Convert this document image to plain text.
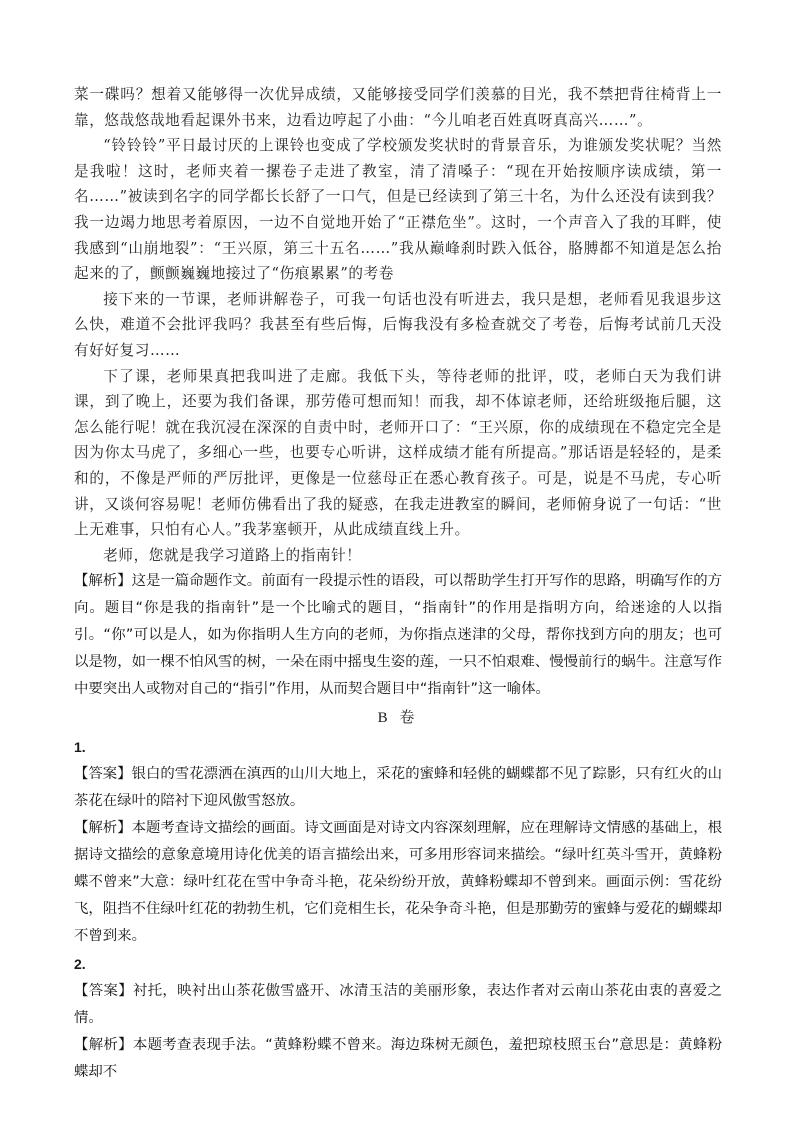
菜一碟吗？想着又能够得一次优异成绩，又能够接受同学们羡慕的目光，我不禁把背往椅背上一靠，悠哉悠哉地看起课外书来，边看边哼起了小曲：“今儿咱老百姓真呀真高兴……”。

“铃铃铃”平日最讨厌的上课铃也变成了学校颁发奖状时的背景音乐，为谁颁发奖状呢？当然是我啦！这时，老师夹着一摞卷子走进了教室，清了清嗓子：“现在开始按顺序读成绩，第一名……”被读到名字的同学都长长舒了一口气，但是已经读到了第三十名，为什么还没有读到我？我一边竭力地思考着原因，一边不自觉地开始了“正襟危坐”。这时，一个声音入了我的耳畔，使我感到“山崩地裂”：“王兴原，第三十五名……”我从巅峰刹时跌入低谷，胳膊都不知道是怎么抬起来的了，颤颤巍巍地接过了“伤痕累累”的考卷

接下来的一节课，老师讲解卷子，可我一句话也没有听进去，我只是想，老师看见我退步这么快，难道不会批评我吗？我甚至有些后悔，后悔我没有多检查就交了考卷，后悔考试前几天没有好好复习……

下了课，老师果真把我叫进了走廊。我低下头，等待老师的批评，哎，老师白天为我们讲课，到了晚上，还要为我们备课，那劳倦可想而知！而我，却不体谅老师，还给班级拖后腿，这怎么能行呢！就在我沉浸在深深的自责中时，老师开口了：“王兴原，你的成绩现在不稳定完全是因为你太马虎了，多细心一些，也要专心听讲，这样成绩才能有所提高。”那话语是轻轻的，是柔和的，不像是严师的严厉批评，更像是一位慈母正在悉心教育孩子。可是，说是不马虎，专心听讲，又谈何容易呢！老师仿佛看出了我的疑惑，在我走进教室的瞬间，老师俯身说了一句话：“世上无难事，只怕有心人。”我茅塞顿开，从此成绩直线上升。

老师，您就是我学习道路上的指南针！

【解析】这是一篇命题作文。前面有一段提示性的语段，可以帮助学生打开写作的思路，明确写作的方向。题目“你是我的指南针”是一个比喻式的题目，“指南针”的作用是指明方向，给迷途的人以指引。“你”可以是人，如为你指明人生方向的老师，为你指点迷津的父母，帮你找到方向的朋友；也可以是物，如一棵不怕风雪的树，一朵在雨中摇曳生姿的莲，一只不怕艰难、慢慢前行的蜗牛。注意写作中要突出人或物对自己的“指引”作用，从而契合题目中“指南针”这一喻体。

B 卷
1.

【答案】银白的雪花漂洒在滇西的山川大地上，采花的蜜蜂和轻佻的蝴蝶都不见了踪影，只有红火的山茶花在绿叶的陪衬下迎风傲雪怒放。

【解析】本题考查诗文描绘的画面。诗文画面是对诗文内容深刻理解，应在理解诗文情感的基础上，根据诗文描绘的意象意境用诗化优美的语言描绘出来，可多用形容词来描绘。“绿叶红英斗雪开，黄蜂粉蝶不曾来”大意：绿叶红花在雪中争奇斗艳，花朵纷纷开放，黄蜂粉蝶却不曾到来。画面示例：雪花纷飞，阻挡不住绿叶红花的勃勃生机，它们竞相生长，花朵争奇斗艳，但是那勤劳的蜜蜂与爱花的蝴蝶却不曾到来。

2.

【答案】衬托，映衬出山茶花傲雪盛开、冰清玉洁的美丽形象，表达作者对云南山茶花由衷的喜爱之情。

【解析】本题考查表现手法。“黄蜂粉蝶不曾来。海边珠树无颜色，羞把琼枝照玉台”意思是：黄蜂粉蝶却不
